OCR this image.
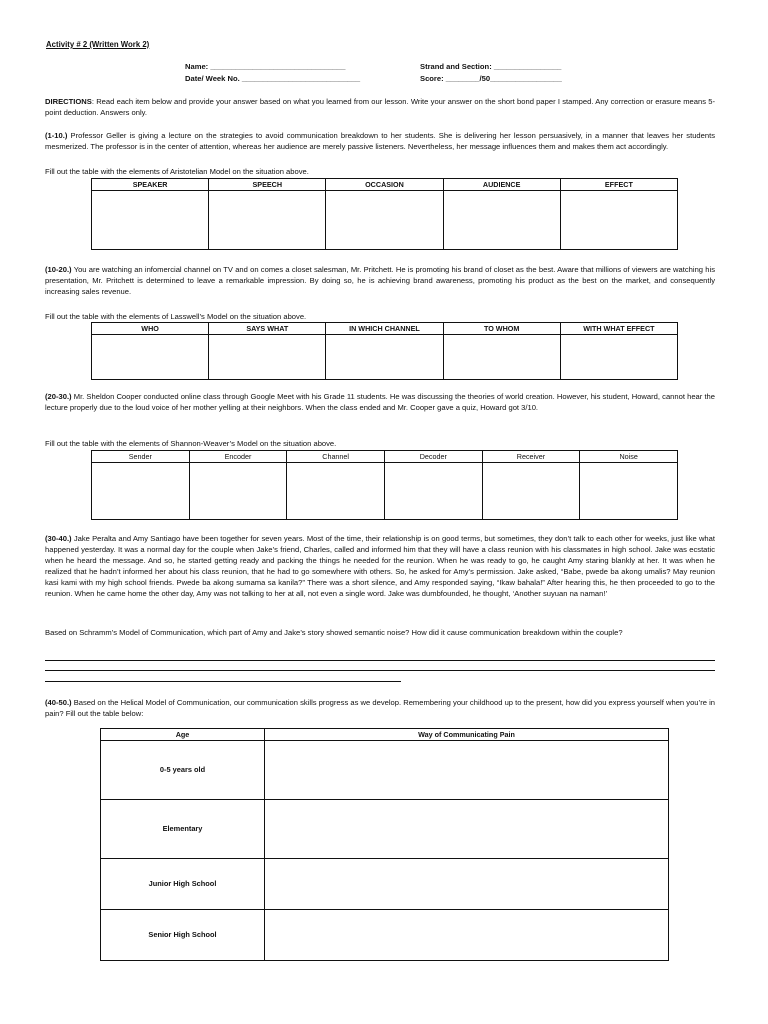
Activity # 2 (Written Work 2)
Name: ________________________________	Strand and Section: ________________
Date/ Week No. ____________________________	Score: ________/50_________________
DIRECTIONS: Read each item below and provide your answer based on what you learned from our lesson. Write your answer on the short bond paper I stamped. Any correction or erasure means 5-point deduction. Answers only.
(1-10.) Professor Geller is giving a lecture on the strategies to avoid communication breakdown to her students. She is delivering her lesson persuasively, in a manner that leaves her students mesmerized. The professor is in the center of attention, whereas her audience are merely passive listeners. Nevertheless, her message influences them and makes them act accordingly.
Fill out the table with the elements of Aristotelian Model on the situation above.
SPEAKER	SPEECH	OCCASION	AUDIENCE	EFFECT

(10-20.) You are watching an infomercial channel on TV and on comes a closet salesman, Mr. Pritchett. He is promoting his brand of closet as the best. Aware that millions of viewers are watching his presentation, Mr. Pritchett is determined to leave a remarkable impression. By doing so, he is achieving brand awareness, promoting his product as the best on the market, and consequently increasing sales revenue.
Fill out the table with the elements of Lasswell’s Model on the situation above.
WHO	SAYS WHAT	IN WHICH CHANNEL	TO WHOM	WITH WHAT EFFECT

(20-30.) Mr. Sheldon Cooper conducted online class through Google Meet with his Grade 11 students. He was discussing the theories of world creation. However, his student, Howard, cannot hear the lecture properly due to the loud voice of her mother yelling at their neighbors. When the class ended and Mr. Cooper gave a quiz, Howard got 3/10.
Fill out the table with the elements of Shannon-Weaver’s Model on the situation above.
Sender	Encoder	Channel	Decoder	Receiver	Noise

(30-40.) Jake Peralta and Amy Santiago have been together for seven years. Most of the time, their relationship is on good terms, but sometimes, they don’t talk to each other for weeks, just like what happened yesterday. It was a normal day for the couple when Jake’s friend, Charles, called and informed him that they will have a class reunion with his classmates in high school. Jake was ecstatic when he heard the message. And so, he started getting ready and packing the things he needed for the reunion. When he was ready to go, he caught Amy staring blankly at her. It was when he realized that he hadn’t informed her about his class reunion, that he had to go somewhere with others. So, he asked for Amy’s permission. Jake asked, “Babe, pwede ba akong umalis? May reunion kasi kami with my high school friends. Pwede ba akong sumama sa kanila?” There was a short silence, and Amy responded saying, “Ikaw bahala!” After hearing this, he then proceeded to go to the reunion. When he came home the other day, Amy was not talking to her at all, not even a single word. Jake was dumbfounded, he thought, ‘Another suyuan na naman!’
Based on Schramm’s Model of Communication, which part of Amy and Jake’s story showed semantic noise? How did it cause communication breakdown within the couple?
(40-50.) Based on the Helical Model of Communication, our communication skills progress as we develop. Remembering your childhood up to the present, how did you express yourself when you’re in pain? Fill out the table below:
Age	Way of Communicating Pain
0-5 years old	
Elementary	
Junior High School	
Senior High School	
